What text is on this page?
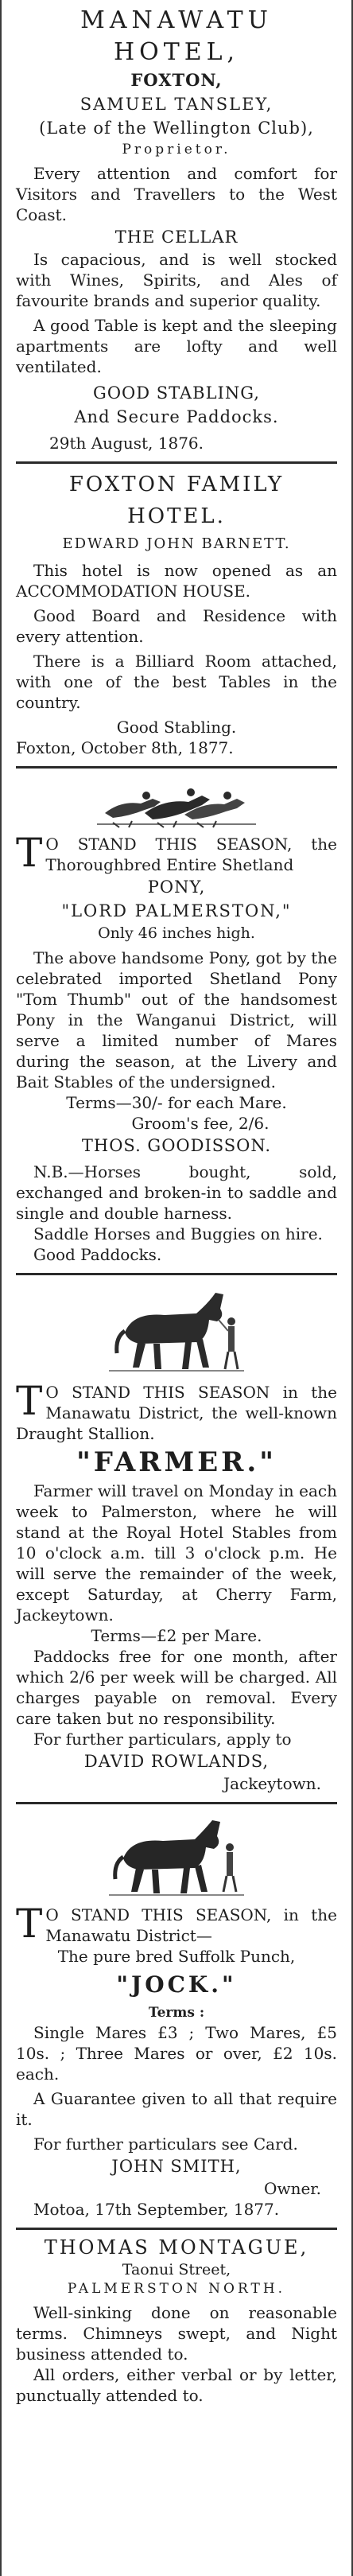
MANAWATU HOTEL,
FOXTON,
SAMUEL TANSLEY,
(Late of the Wellington Club),
Proprietor.

Every attention and comfort for Visitors and Travellers to the West Coast.

THE CELLAR

Is capacious, and is well stocked with Wines, Spirits, and Ales of favourite brands and superior quality.

A good Table is kept and the sleeping apartments are lofty and well ventilated.

GOOD STABLING,
And Secure Paddocks.

29th August, 1876.

FOXTON FAMILY HOTEL.
EDWARD JOHN BARNETT.

This hotel is now opened as an ACCOMMODATION HOUSE.

Good Board and Residence with every attention.

There is a Billiard Room attached, with one of the best Tables in the country.

Good Stabling.

Foxton, October 8th, 1877.

T O STAND THIS SEASON, the Thoroughbred Entire Shetland

PONY,
"LORD PALMERSTON,"
Only 46 inches high.

The above handsome Pony, got by the celebrated imported Shetland Pony "Tom Thumb" out of the handsomest Pony in the Wanganui District, will serve a limited number of Mares during the season, at the Livery and Bait Stables of the undersigned.

Terms—30/- for each Mare.
Groom's fee, 2/6.
THOS. GOODISSON.

N.B.—Horses bought, sold, exchanged and broken-in to saddle and single and double harness.

Saddle Horses and Buggies on hire.

Good Paddocks.

T O STAND THIS SEASON in the Manawatu District, the well-known Draught Stallion.

"FARMER."

Farmer will travel on Monday in each week to Palmerston, where he will stand at the Royal Hotel Stables from 10 o'clock a.m. till 3 o'clock p.m. He will serve the remainder of the week, except Saturday, at Cherry Farm, Jackeytown.

Terms—£2 per Mare.

Paddocks free for one month, after which 2/6 per week will be charged. All charges payable on removal. Every care taken but no responsibility.

For further particulars, apply to

DAVID ROWLANDS,
Jackeytown.

T O STAND THIS SEASON, in the Manawatu District—

The pure bred Suffolk Punch,
"JOCK."
Terms :

Single Mares £3 ; Two Mares, £5 10s. ; Three Mares or over, £2 10s. each.

A Guarantee given to all that require it.

For further particulars see Card.

JOHN SMITH,
Owner.

Motoa, 17th September, 1877.

THOMAS MONTAGUE,
Taonui Street,
PALMERSTON NORTH.

Well-sinking done on reasonable terms. Chimneys swept, and Night business attended to.

All orders, either verbal or by letter, punctually attended to.
